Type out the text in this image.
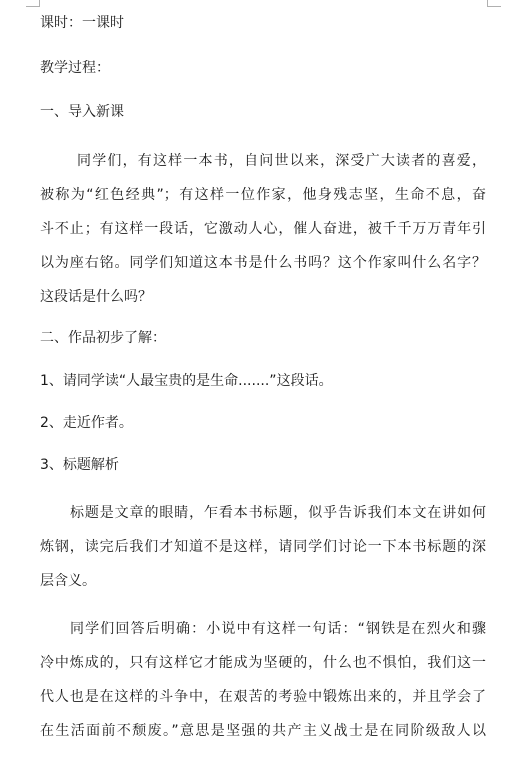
课时：一课时
教学过程：
一、导入新课
同学们，有这样一本书，自问世以来，深受广大读者的喜爱，
被称为“红色经典”；有这样一位作家，他身残志坚，生命不息，奋
斗不止；有这样一段话，它激动人心，催人奋进，被千千万万青年引
以为座右铭。同学们知道这本书是什么书吗？这个作家叫什么名字？
这段话是什么吗？
二、作品初步了解：
1、请同学读“人最宝贵的是生命.......”这段话。
2、走近作者。
3、标题解析
标题是文章的眼睛，乍看本书标题，似乎告诉我们本文在讲如何
炼钢，读完后我们才知道不是这样，请同学们讨论一下本书标题的深
层含义。
同学们回答后明确：小说中有这样一句话：“钢铁是在烈火和骤
冷中炼成的，只有这样它才能成为坚硬的，什么也不惧怕，我们这一
代人也是在这样的斗争中，在艰苦的考验中锻炼出来的，并且学会了
在生活面前不颓废。”意思是坚强的共产主义战士是在同阶级敌人以
